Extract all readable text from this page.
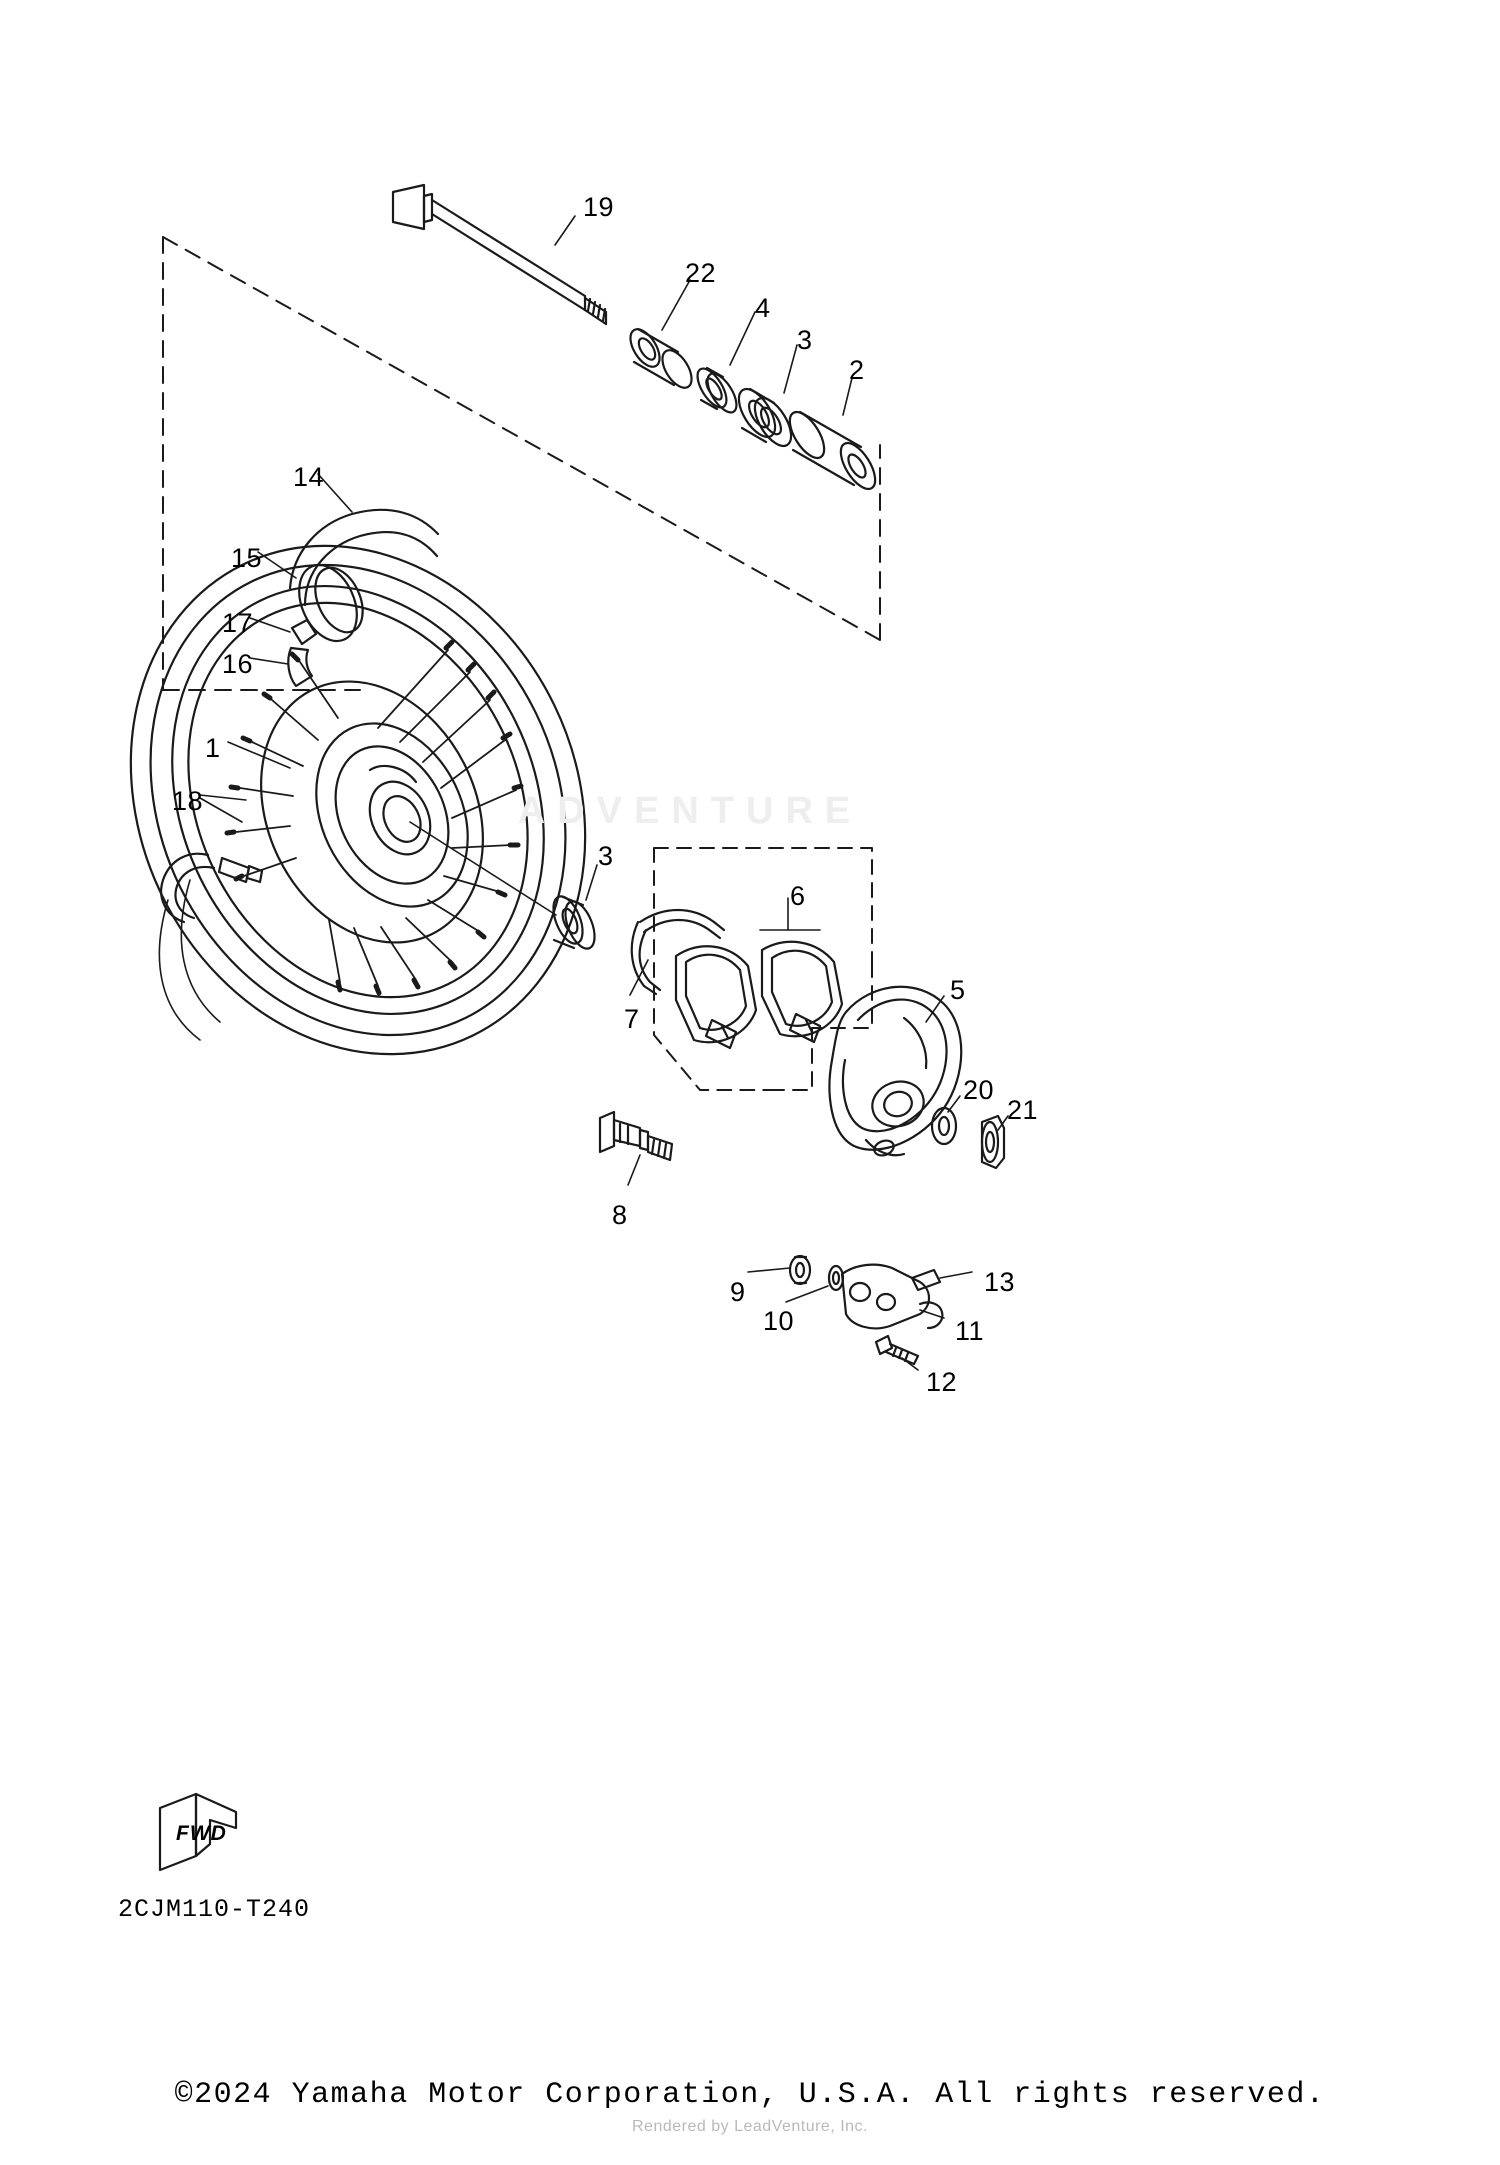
ADVENTURE
19
22
4
3
2
14
15
17
16
1
18
3
6
7
5
20
21
8
9
10
13
11
12
FWD
2CJM110-T240
©2024 Yamaha Motor Corporation, U.S.A. All rights reserved.
Rendered by LeadVenture, Inc.
